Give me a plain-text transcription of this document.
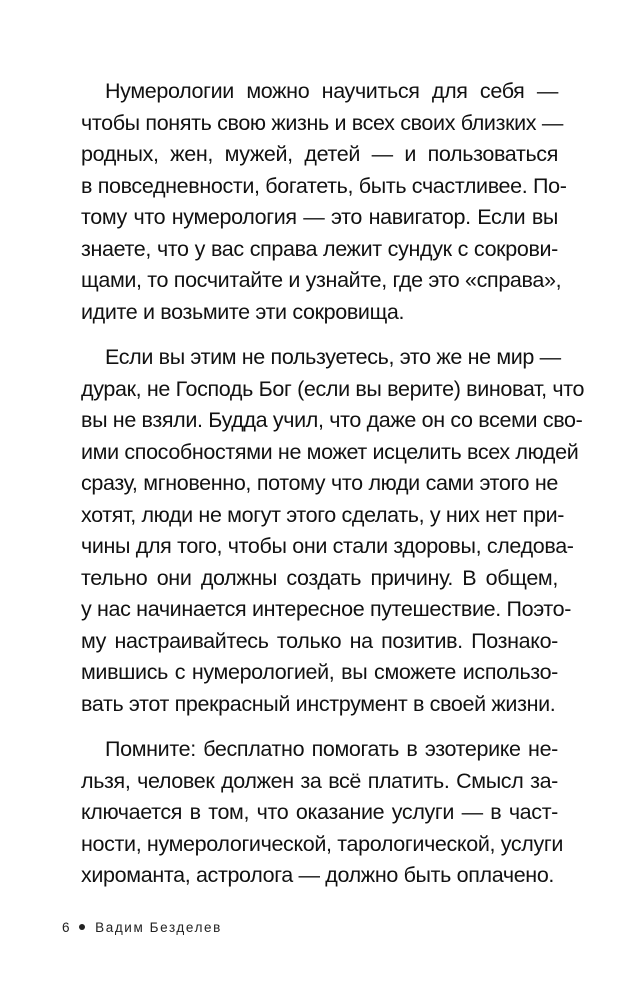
Нумерологии можно научиться для себя —
чтобы понять свою жизнь и всех своих близких —
родных, жен, мужей, детей — и пользоваться
в повседневности, богатеть, быть счастливее. По-
тому что нумерология — это навигатор. Если вы
знаете, что у вас справа лежит сундук с сокрови-
щами, то посчитайте и узнайте, где это «справа»,
идите и возьмите эти сокровища.
Если вы этим не пользуетесь, это же не мир —
дурак, не Господь Бог (если вы верите) виноват, что
вы не взяли. Будда учил, что даже он со всеми сво-
ими способностями не может исцелить всех людей
сразу, мгновенно, потому что люди сами этого не
хотят, люди не могут этого сделать, у них нет при-
чины для того, чтобы они стали здоровы, следова-
тельно они должны создать причину. В общем,
у нас начинается интересное путешествие. Поэто-
му настраивайтесь только на позитив. Познако-
мившись с нумерологией, вы сможете использо-
вать этот прекрасный инструмент в своей жизни.
Помните: бесплатно помогать в эзотерике не-
льзя, человек должен за всё платить. Смысл за-
ключается в том, что оказание услуги — в част-
ности, нумерологической, тарологической, услуги
хироманта, астролога — должно быть оплачено.
6 Вадим Безделев
